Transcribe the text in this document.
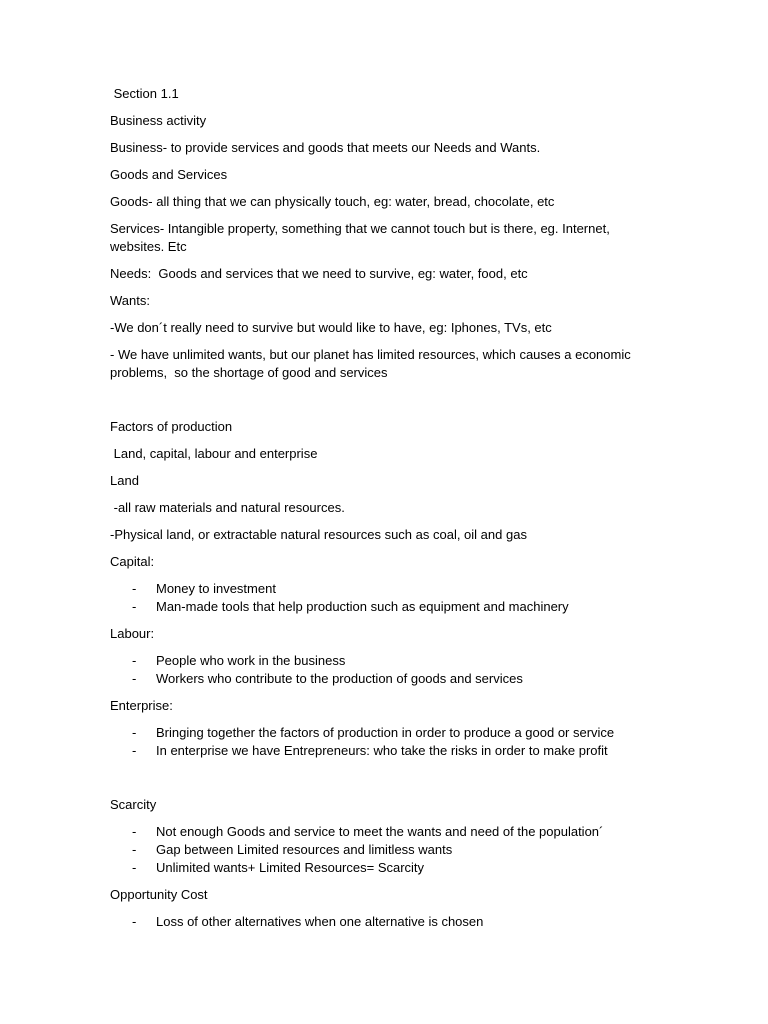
Section 1.1

Business activity

Business- to provide services and goods that meets our Needs and Wants.

Goods and Services

Goods- all thing that we can physically touch, eg: water, bread, chocolate, etc

Services- Intangible property, something that we cannot touch but is there, eg. Internet, websites. Etc

Needs:  Goods and services that we need to survive, eg: water, food, etc

Wants:

-We don´t really need to survive but would like to have, eg: Iphones, TVs, etc

- We have unlimited wants, but our planet has limited resources, which causes a economic problems,  so the shortage of good and services

Factors of production

Land, capital, labour and enterprise

Land

-all raw materials and natural resources.

-Physical land, or extractable natural resources such as coal, oil and gas

Capital:

- Money to investment
- Man-made tools that help production such as equipment and machinery

Labour:

- People who work in the business
- Workers who contribute to the production of goods and services

Enterprise:

- Bringing together the factors of production in order to produce a good or service
- In enterprise we have Entrepreneurs: who take the risks in order to make profit

Scarcity

- Not enough Goods and service to meet the wants and need of the population´
- Gap between Limited resources and limitless wants
- Unlimited wants+ Limited Resources= Scarcity

Opportunity Cost

- Loss of other alternatives when one alternative is chosen
